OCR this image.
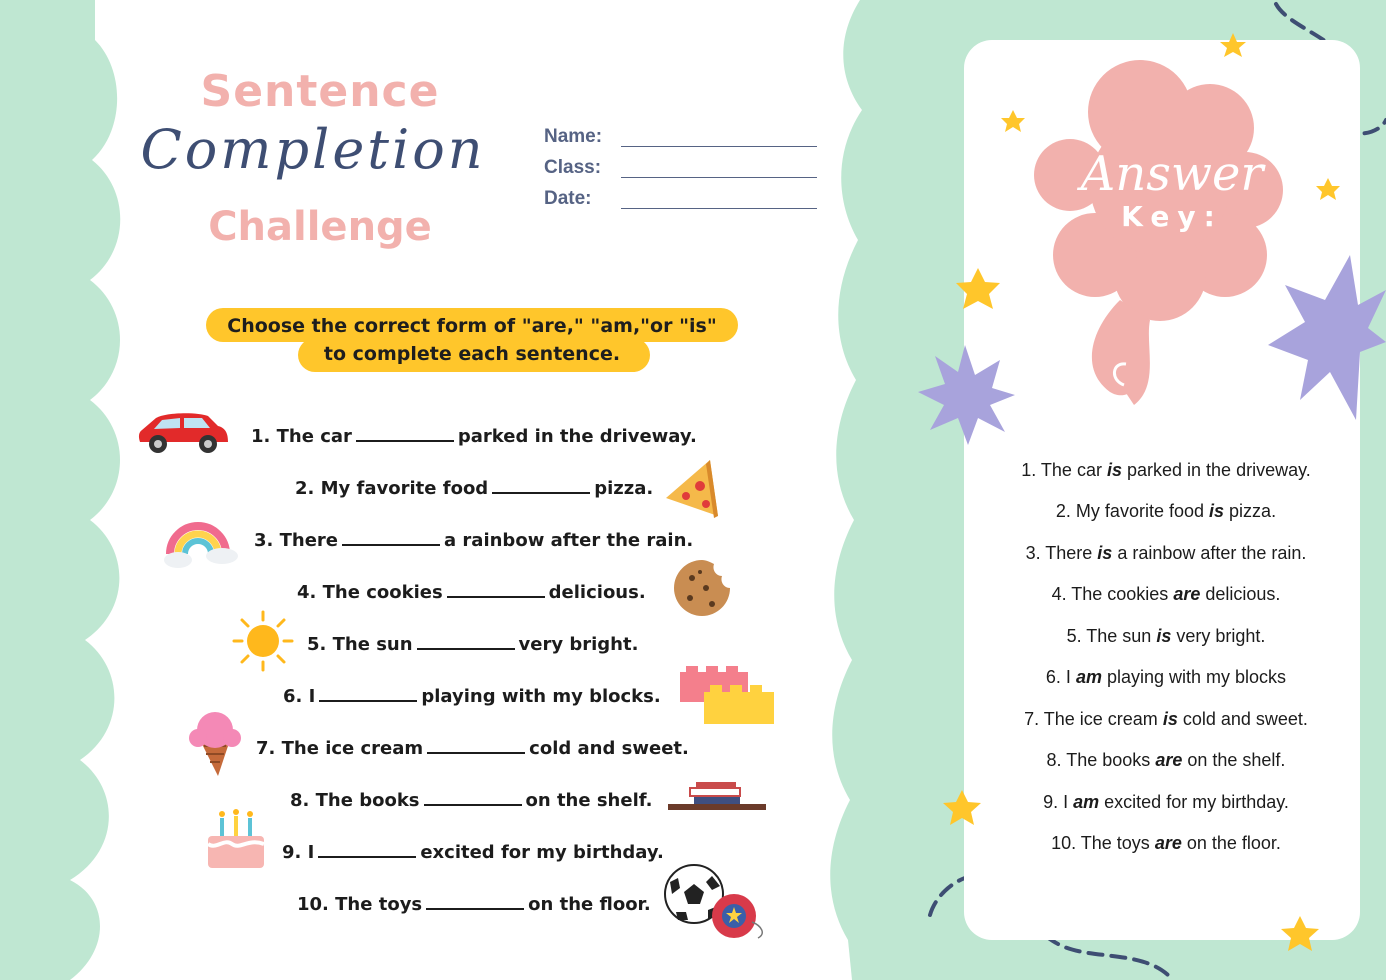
Sentence
Completion
Challenge
Name:
Class:
Date:
Choose the correct form of "are," "am,"or "is"
to complete each sentence.
1. The car	parked in the driveway.
2. My favorite food	pizza.
3. There	a rainbow after the rain.
4. The cookies	delicious.
5. The sun	very bright.
6. I	playing with my blocks.
7. The ice cream	cold and sweet.
8. The books	on the shelf.
9. I	excited for my birthday.
10. The toys	on the floor.
Answer
Key:
1. The car is parked in the driveway.
2. My favorite food is pizza.
3. There is a rainbow after the rain.
4. The cookies are delicious.
5. The sun is very bright.
6. I am playing with my blocks
7. The ice cream is cold and sweet.
8. The books are on the shelf.
9. I am excited for my birthday.
10. The toys are on the floor.
